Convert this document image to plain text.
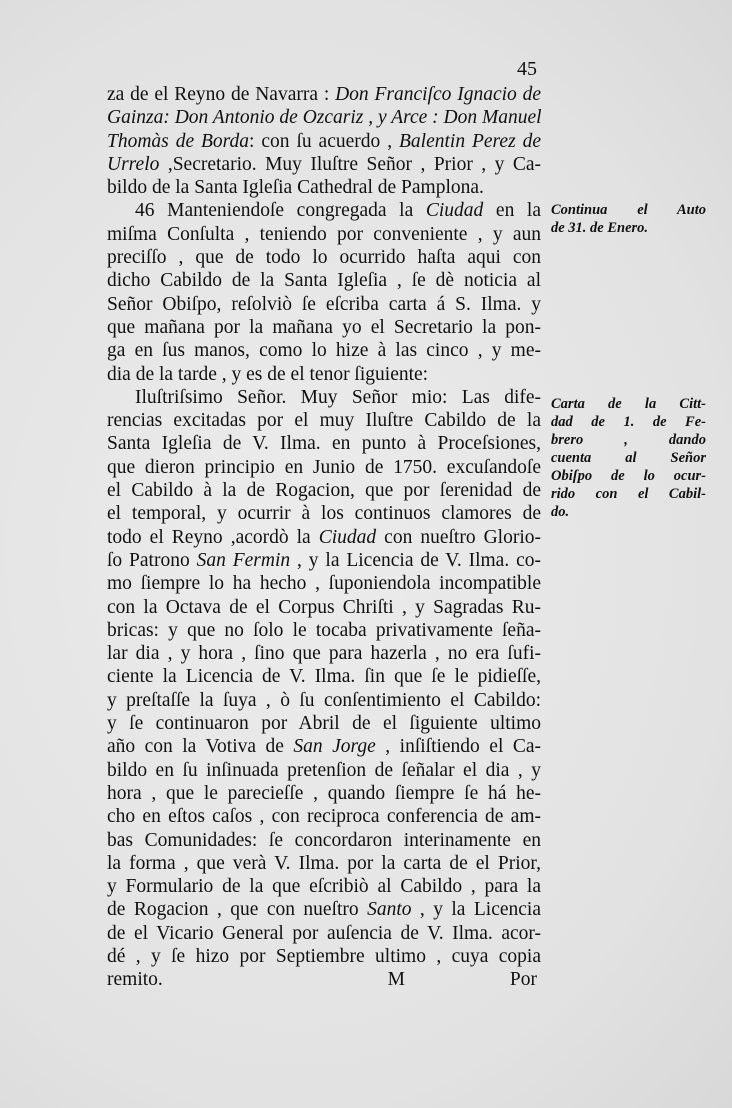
45
za de el Reyno de Navarra : Don Franciſco Ignacio de
Gainza: Don Antonio de Ozcariz , y Arce : Don Manuel
Thomàs de Borda: con ſu acuerdo , Balentin Perez de
Urrelo ,Secretario. Muy Iluſtre Señor , Prior , y Ca-
bildo de la Santa Igleſia Cathedral de Pamplona.
46 Manteniendoſe congregada la Ciudad en la
miſma Conſulta , teniendo por conveniente , y aun
preciſſo , que de todo lo ocurrido haſta aqui con
dicho Cabildo de la Santa Igleſia , ſe dè noticia al
Señor Obiſpo, reſolviò ſe eſcriba carta á S. Ilma. y
que mañana por la mañana yo el Secretario la pon-
ga en ſus manos, como lo hize à las cinco , y me-
dia de la tarde , y es de el tenor ſiguiente:
Iluſtriſsimo Señor. Muy Señor mio: Las dife-
rencias excitadas por el muy Iluſtre Cabildo de la
Santa Igleſia de V. Ilma. en punto à Proceſsiones,
que dieron principio en Junio de 1750. excuſandoſe
el Cabildo à la de Rogacion, que por ſerenidad de
el temporal, y ocurrir à los continuos clamores de
todo el Reyno ,acordò la Ciudad con nueſtro Glorio-
ſo Patrono San Fermin , y la Licencia de V. Ilma. co-
mo ſiempre lo ha hecho , ſuponiendola incompatible
con la Octava de el Corpus Chriſti , y Sagradas Ru-
bricas: y que no ſolo le tocaba privativamente ſeña-
lar dia , y hora , ſino que para hazerla , no era ſufi-
ciente la Licencia de V. Ilma. ſin que ſe le pidieſſe,
y preſtaſſe la ſuya , ò ſu conſentimiento el Cabildo:
y ſe continuaron por Abril de el ſiguiente ultimo
año con la Votiva de San Jorge , inſiſtiendo el Ca-
bildo en ſu inſinuada pretenſion de ſeñalar el dia , y
hora , que le pareciеſſe , quando ſiempre ſe há he-
cho en eſtos caſos , con reciproca conferencia de am-
bas Comunidades: ſe concordaron interinamente en
la forma , que verà V. Ilma. por la carta de el Prior,
y Formulario de la que eſcribiò al Cabildo , para la
de Rogacion , que con nueſtro Santo , y la Licencia
de el Vicario General por auſencia de V. Ilma. acor-
dé , y ſe hizo por Septiembre ultimo , cuya copia
remito.	M	Por
Continua el Auto
de 31. de Enero.
Carta de la Citt-
dad de 1. de Fe-
brero , dando
cuenta al Señor
Obiſpo de lo ocur-
rido con el Cabil-
do.
